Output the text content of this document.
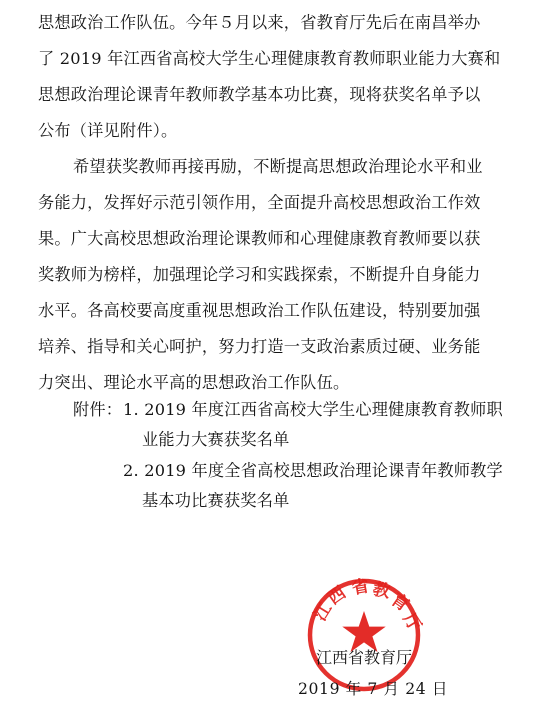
思想政治工作队伍。今年５月以来，省教育厅先后在南昌举办
了 2019 年江西省高校大学生心理健康教育教师职业能力大赛和
思想政治理论课青年教师教学基本功比赛，现将获奖名单予以
公布（详见附件）。
希望获奖教师再接再励，不断提高思想政治理论水平和业
务能力，发挥好示范引领作用，全面提升高校思想政治工作效
果。广大高校思想政治理论课教师和心理健康教育教师要以获
奖教师为榜样，加强理论学习和实践探索，不断提升自身能力
水平。各高校要高度重视思想政治工作队伍建设，特别要加强
培养、指导和关心呵护，努力打造一支政治素质过硬、业务能
力突出、理论水平高的思想政治工作队伍。
附件： 1. 2019 年度江西省高校大学生心理健康教育教师职
业能力大赛获奖名单
2. 2019 年度全省高校思想政治理论课青年教师教学
基本功比赛获奖名单
江
西 省 教
育
厅
江西省教育厅
2019 年 7 月 24 日
